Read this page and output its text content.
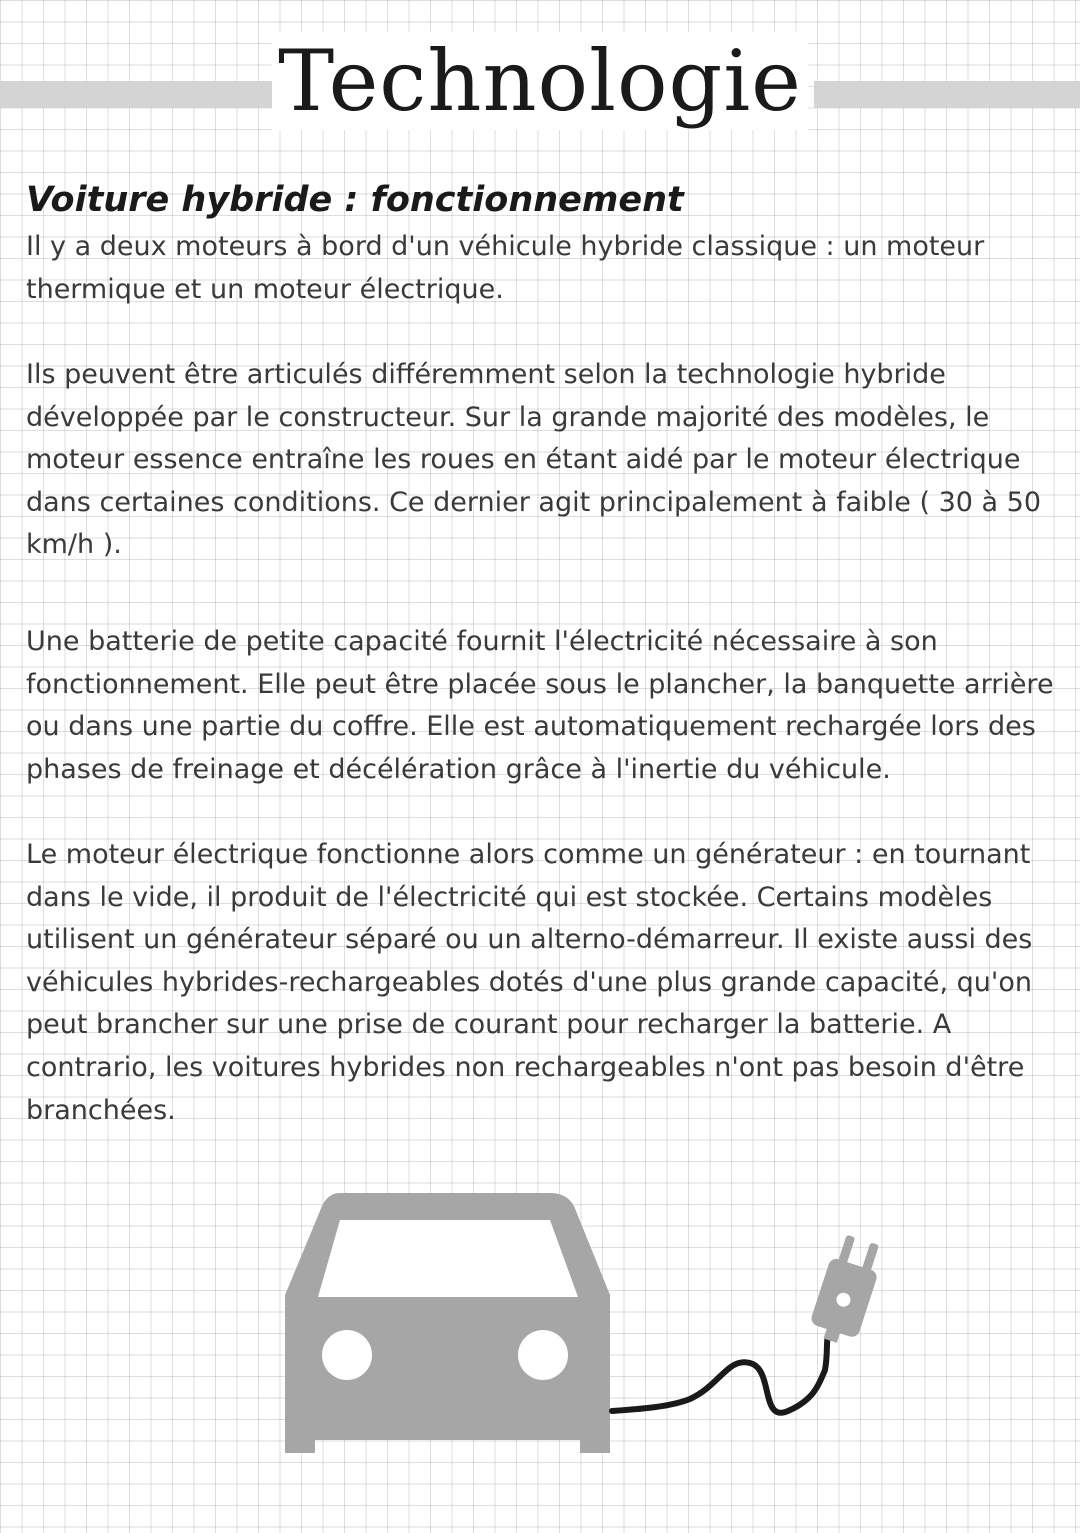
Technologie
Voiture hybride : fonctionnement

Il y a deux moteurs à bord d'un véhicule hybride classique : un moteur thermique et un moteur électrique.

Ils peuvent être articulés différemment selon la technologie hybride développée par le constructeur. Sur la grande majorité des modèles, le moteur essence entraîne les roues en étant aidé par le moteur électrique dans certaines conditions. Ce dernier agit principalement à faible ( 30 à 50 km/h ).

Une batterie de petite capacité fournit l'électricité nécessaire à son fonctionnement. Elle peut être placée sous le plancher, la banquette arrière ou dans une partie du coffre. Elle est automatiquement rechargée lors des phases de freinage et décélération grâce à l'inertie du véhicule.

Le moteur électrique fonctionne alors comme un générateur : en tournant dans le vide, il produit de l'électricité qui est stockée. Certains modèles utilisent un générateur séparé ou un alterno-démarreur. Il existe aussi des véhicules hybrides-rechargeables dotés d'une plus grande capacité, qu'on peut brancher sur une prise de courant pour recharger la batterie. A contrario, les voitures hybrides non rechargeables n'ont pas besoin d'être branchées.
